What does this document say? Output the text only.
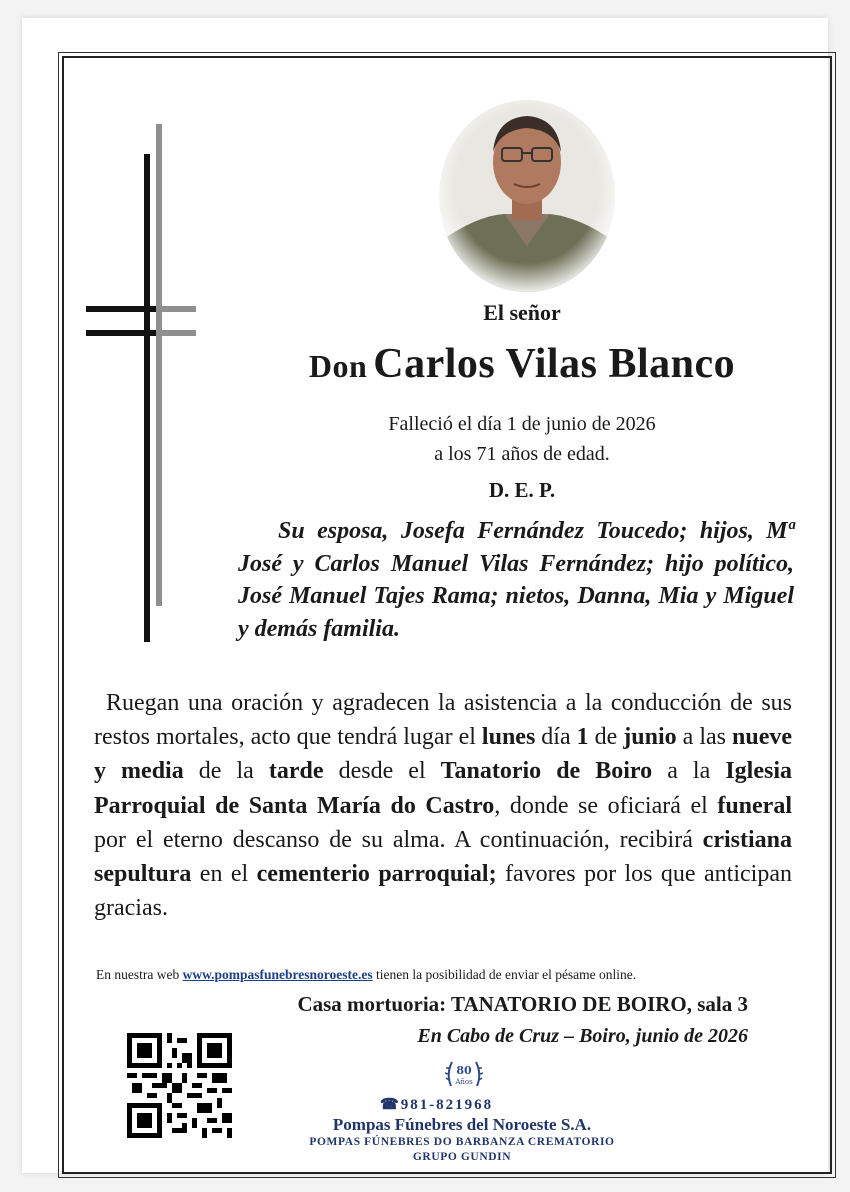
El señor
Don Carlos Vilas Blanco
Falleció el día 1 de junio de 2026
a los 71 años de edad.
D. E. P.
Su esposa, Josefa Fernández Toucedo; hijos, Mª José y Carlos Manuel Vilas Fernández; hijo político, José Manuel Tajes Rama; nietos, Danna, Mia y Miguel y demás familia.
Ruegan una oración y agradecen la asistencia a la conducción de sus restos mortales, acto que tendrá lugar el lunes día 1 de junio a las nueve y media de la tarde desde el Tanatorio de Boiro a la Iglesia Parroquial de Santa María do Castro, donde se oficiará el funeral por el eterno descanso de su alma. A continuación, recibirá cristiana sepultura en el cementerio parroquial; favores por los que anticipan gracias.
En nuestra web www.pompasfunebresnoroeste.es tienen la posibilidad de enviar el pésame online.
Casa mortuoria: TANATORIO DE BOIRO, sala 3
En Cabo de Cruz – Boiro, junio de 2026
80
Años
☎981-821968
Pompas Fúnebres del Noroeste S.A.
POMPAS FÚNEBRES DO BARBANZA CREMATORIO
GRUPO GUNDIN
